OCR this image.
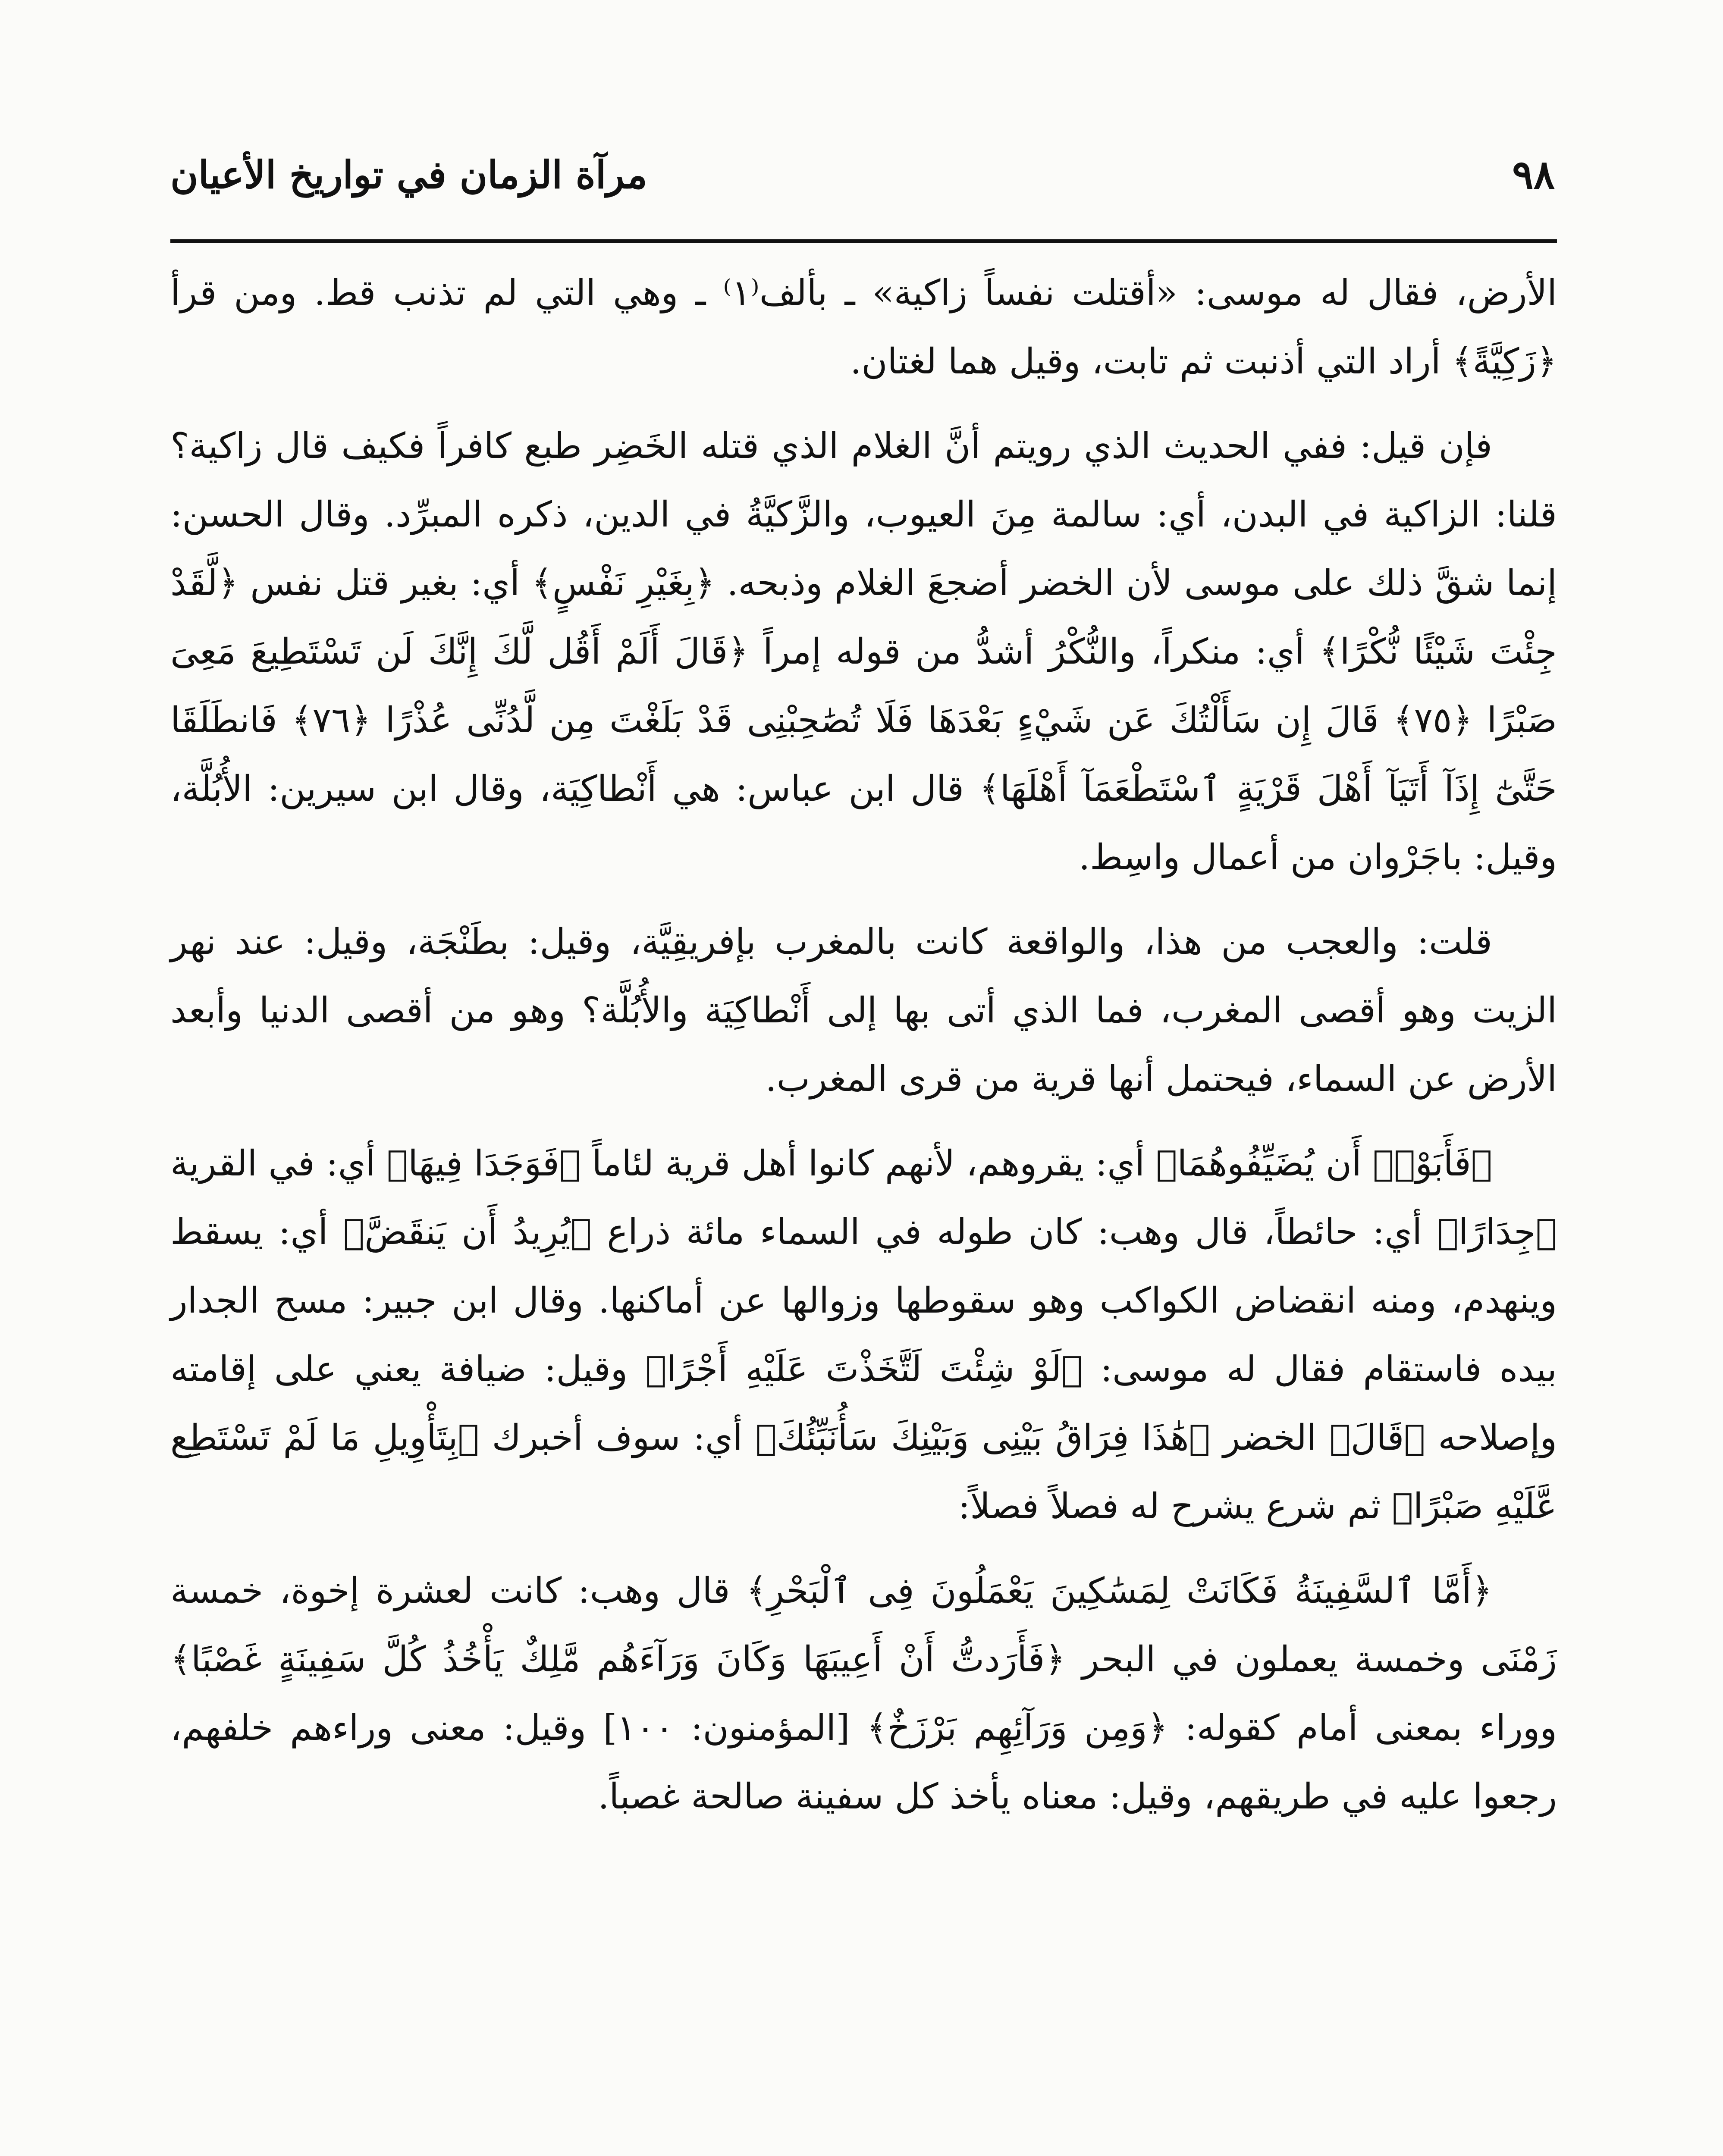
مرآة الزمان في تواريخ الأعيان	٩٨

الأرض، فقال له موسى: «أقتلت نفساً زاكية» ـ بألف⁽١⁾ ـ وهي التي لم تذنب قط. ومن قرأ ﴿زَكِيَّةً﴾ أراد التي أذنبت ثم تابت، وقيل هما لغتان.

فإن قيل: ففي الحديث الذي رويتم أنَّ الغلام الذي قتله الخَضِر طبع كافراً فكيف قال زاكية؟ قلنا: الزاكية في البدن، أي: سالمة مِنَ العيوب، والزَّكيَّةُ في الدين، ذكره المبرِّد. وقال الحسن: إنما شقَّ ذلك على موسى لأن الخضر أضجعَ الغلام وذبحه. ﴿بِغَيْرِ نَفْسٍ﴾ أي: بغير قتل نفس ﴿لَّقَدْ جِئْتَ شَيْئًا نُّكْرًا﴾ أي: منكراً، والنُّكْرُ أشدُّ من قوله إمراً ﴿قَالَ أَلَمْ أَقُل لَّكَ إِنَّكَ لَن تَسْتَطِيعَ مَعِىَ صَبْرًا ﴿٧٥﴾ قَالَ إِن سَأَلْتُكَ عَن شَيْءٍ بَعْدَهَا فَلَا تُصَٰحِبْنِى قَدْ بَلَغْتَ مِن لَّدُنِّى عُذْرًا ﴿٧٦﴾ فَانطَلَقَا حَتَّىٰٓ إِذَآ أَتَيَآ أَهْلَ قَرْيَةٍ ٱسْتَطْعَمَآ أَهْلَهَا﴾ قال ابن عباس: هي أَنْطاكِيَة، وقال ابن سيرين: الأُبُلَّة، وقيل: باجَرْوان من أعمال واسِط.

قلت: والعجب من هذا، والواقعة كانت بالمغرب بإفريقِيَّة، وقيل: بطَنْجَة، وقيل: عند نهر الزيت وهو أقصى المغرب، فما الذي أتى بها إلى أَنْطاكِيَة والأُبُلَّة؟ وهو من أقصى الدنيا وأبعد الأرض عن السماء، فيحتمل أنها قرية من قرى المغرب.

﴿فَأَبَوْا۟ أَن يُضَيِّفُوهُمَا﴾ أي: يقروهم، لأنهم كانوا أهل قرية لئاماً ﴿فَوَجَدَا فِيهَا﴾ أي: في القرية ﴿جِدَارًا﴾ أي: حائطاً، قال وهب: كان طوله في السماء مائة ذراع ﴿يُرِيدُ أَن يَنقَضَّ﴾ أي: يسقط وينهدم، ومنه انقضاض الكواكب وهو سقوطها وزوالها عن أماكنها. وقال ابن جبير: مسح الجدار بيده فاستقام فقال له موسى: ﴿لَوْ شِئْتَ لَتَّخَذْتَ عَلَيْهِ أَجْرًا﴾ وقيل: ضيافة يعني على إقامته وإصلاحه ﴿قَالَ﴾ الخضر ﴿هَٰذَا فِرَاقُ بَيْنِى وَبَيْنِكَ سَأُنَبِّئُكَ﴾ أي: سوف أخبرك ﴿بِتَأْوِيلِ مَا لَمْ تَسْتَطِع عَّلَيْهِ صَبْرًا﴾ ثم شرع يشرح له فصلاً فصلاً:

﴿أَمَّا ٱلسَّفِينَةُ فَكَانَتْ لِمَسَٰكِينَ يَعْمَلُونَ فِى ٱلْبَحْرِ﴾ قال وهب: كانت لعشرة إخوة، خمسة زَمْنَى وخمسة يعملون في البحر ﴿فَأَرَدتُّ أَنْ أَعِيبَهَا وَكَانَ وَرَآءَهُم مَّلِكٌ يَأْخُذُ كُلَّ سَفِينَةٍ غَصْبًا﴾ ووراء بمعنى أمام كقوله: ﴿وَمِن وَرَآئِهِم بَرْزَخٌ﴾ [المؤمنون: ١٠٠] وقيل: معنى وراءهم خلفهم، رجعوا عليه في طريقهم، وقيل: معناه يأخذ كل سفينة صالحة غصباً.
